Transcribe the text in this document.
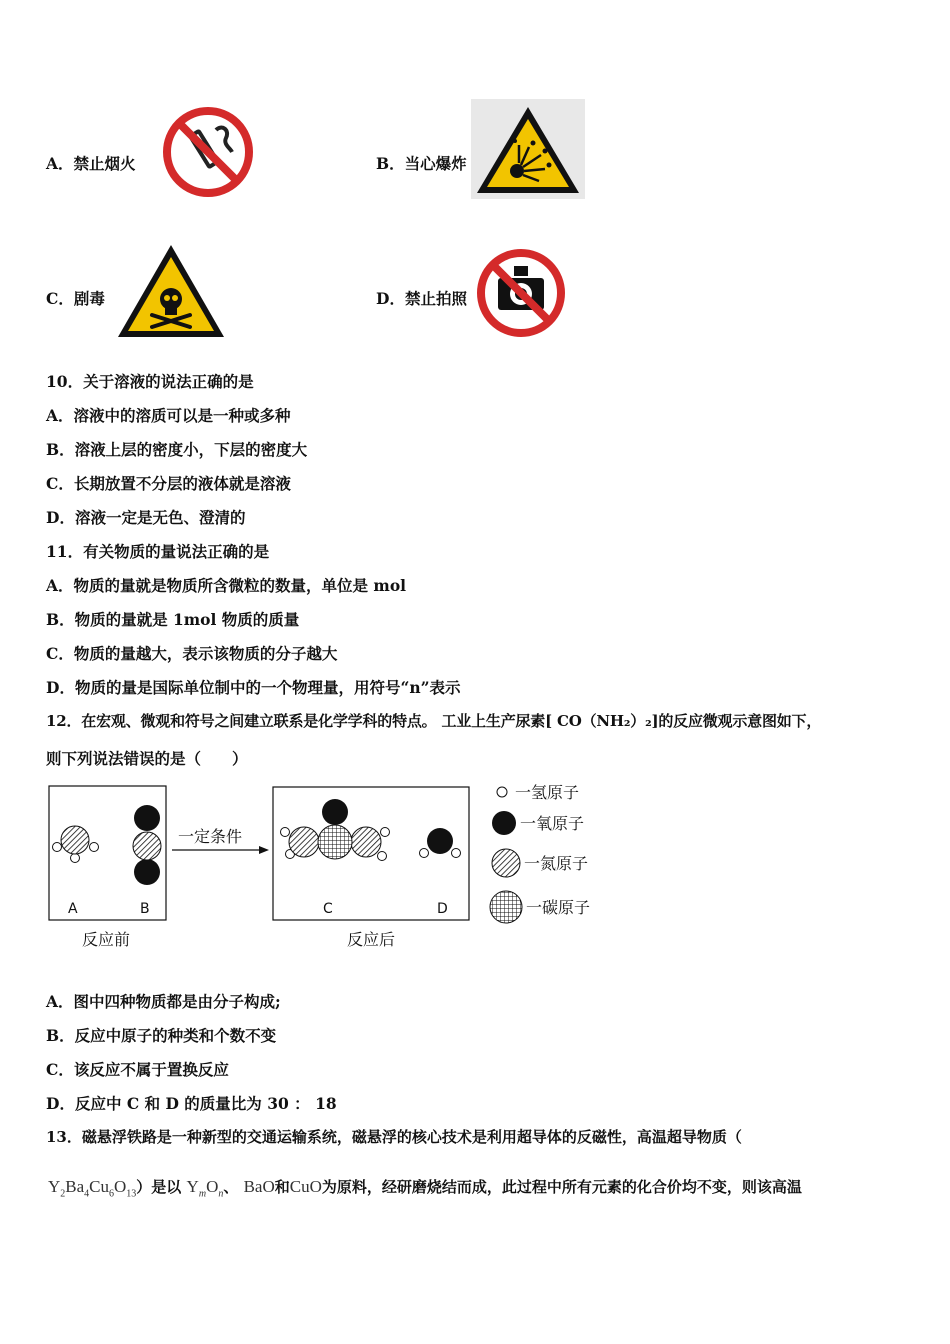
A．禁止烟火	B．当心爆炸
C．剧毒	D．禁止拍照
10．关于溶液的说法正确的是
A．溶液中的溶质可以是一种或多种
B．溶液上层的密度小，下层的密度大
C．长期放置不分层的液体就是溶液
D．溶液一定是无色、澄清的
11．有关物质的量说法正确的是
A．物质的量就是物质所含微粒的数量，单位是 mol
B．物质的量就是 1mol 物质的质量
C．物质的量越大，表示该物质的分子越大
D．物质的量是国际单位制中的一个物理量，用符号“n”表示
12．在宏观、微观和符号之间建立联系是化学学科的特点。 工业上生产尿素[ CO（NH₂）₂]的反应微观示意图如下，
则下列说法错误的是（　　）
A	B
一定条件
C	D
反应前	反应后
一氢原子
一氧原子
一氮原子
一碳原子
A．图中四种物质都是由分子构成;
B．反应中原子的种类和个数不变
C．该反应不属于置换反应
D．反应中 C 和 D 的质量比为 30 ： 18
13．磁悬浮铁路是一种新型的交通运输系统，磁悬浮的核心技术是利用超导体的反磁性，高温超导物质（
$Y_2Ba_4Cu_6O_{13}$）是以 $Y_mO_n$、 BaO和CuO为原料，经研磨烧结而成，此过程中所有元素的化合价均不变，则该高温
